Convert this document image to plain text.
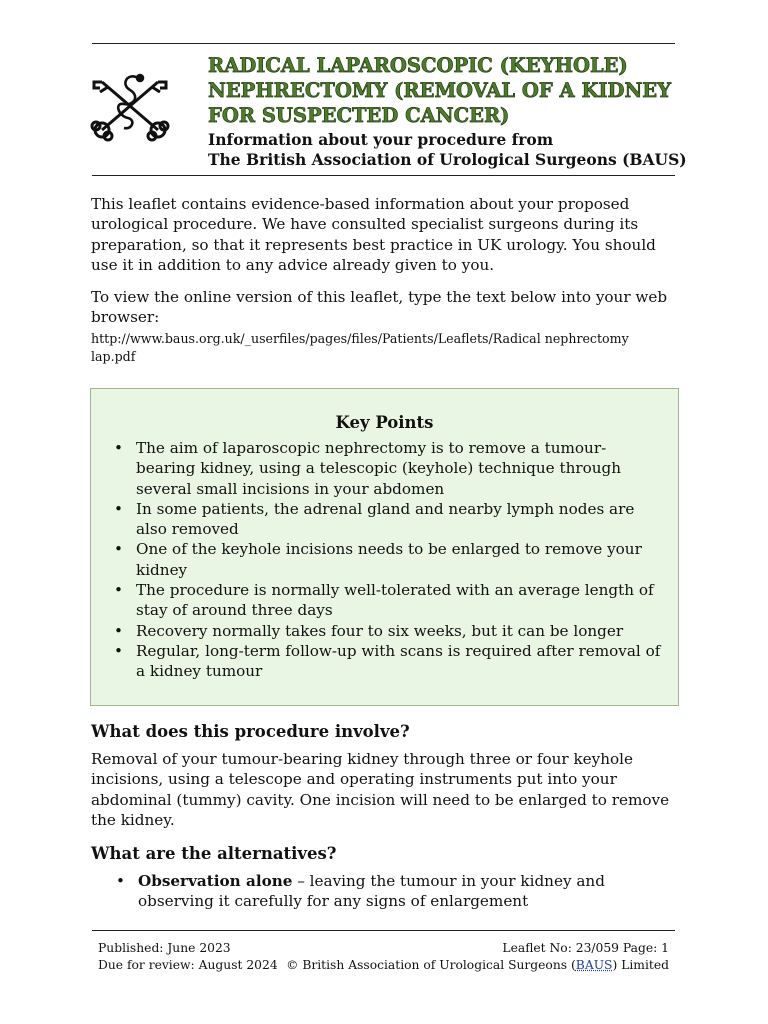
RADICAL LAPAROSCOPIC (KEYHOLE)
NEPHRECTOMY (REMOVAL OF A KIDNEY
FOR SUSPECTED CANCER)
Information about your procedure from
The British Association of Urological Surgeons (BAUS)
This leaflet contains evidence-based information about your proposed
urological procedure. We have consulted specialist surgeons during its
preparation, so that it represents best practice in UK urology. You should
use it in addition to any advice already given to you.
To view the online version of this leaflet, type the text below into your web
browser:
http://www.baus.org.uk/_userfiles/pages/files/Patients/Leaflets/Radical nephrectomy
lap.pdf
Key Points
• The aim of laparoscopic nephrectomy is to remove a tumour-
bearing kidney, using a telescopic (keyhole) technique through
several small incisions in your abdomen
• In some patients, the adrenal gland and nearby lymph nodes are
also removed
• One of the keyhole incisions needs to be enlarged to remove your
kidney
• The procedure is normally well-tolerated with an average length of
stay of around three days
• Recovery normally takes four to six weeks, but it can be longer
• Regular, long-term follow-up with scans is required after removal of
a kidney tumour
What does this procedure involve?
Removal of your tumour-bearing kidney through three or four keyhole
incisions, using a telescope and operating instruments put into your
abdominal (tummy) cavity. One incision will need to be enlarged to remove
the kidney.
What are the alternatives?
• Observation alone – leaving the tumour in your kidney and
observing it carefully for any signs of enlargement
Published: June 2023
Due for review: August 2024
Leaflet No: 23/059 Page: 1
© British Association of Urological Surgeons (BAUS) Limited
